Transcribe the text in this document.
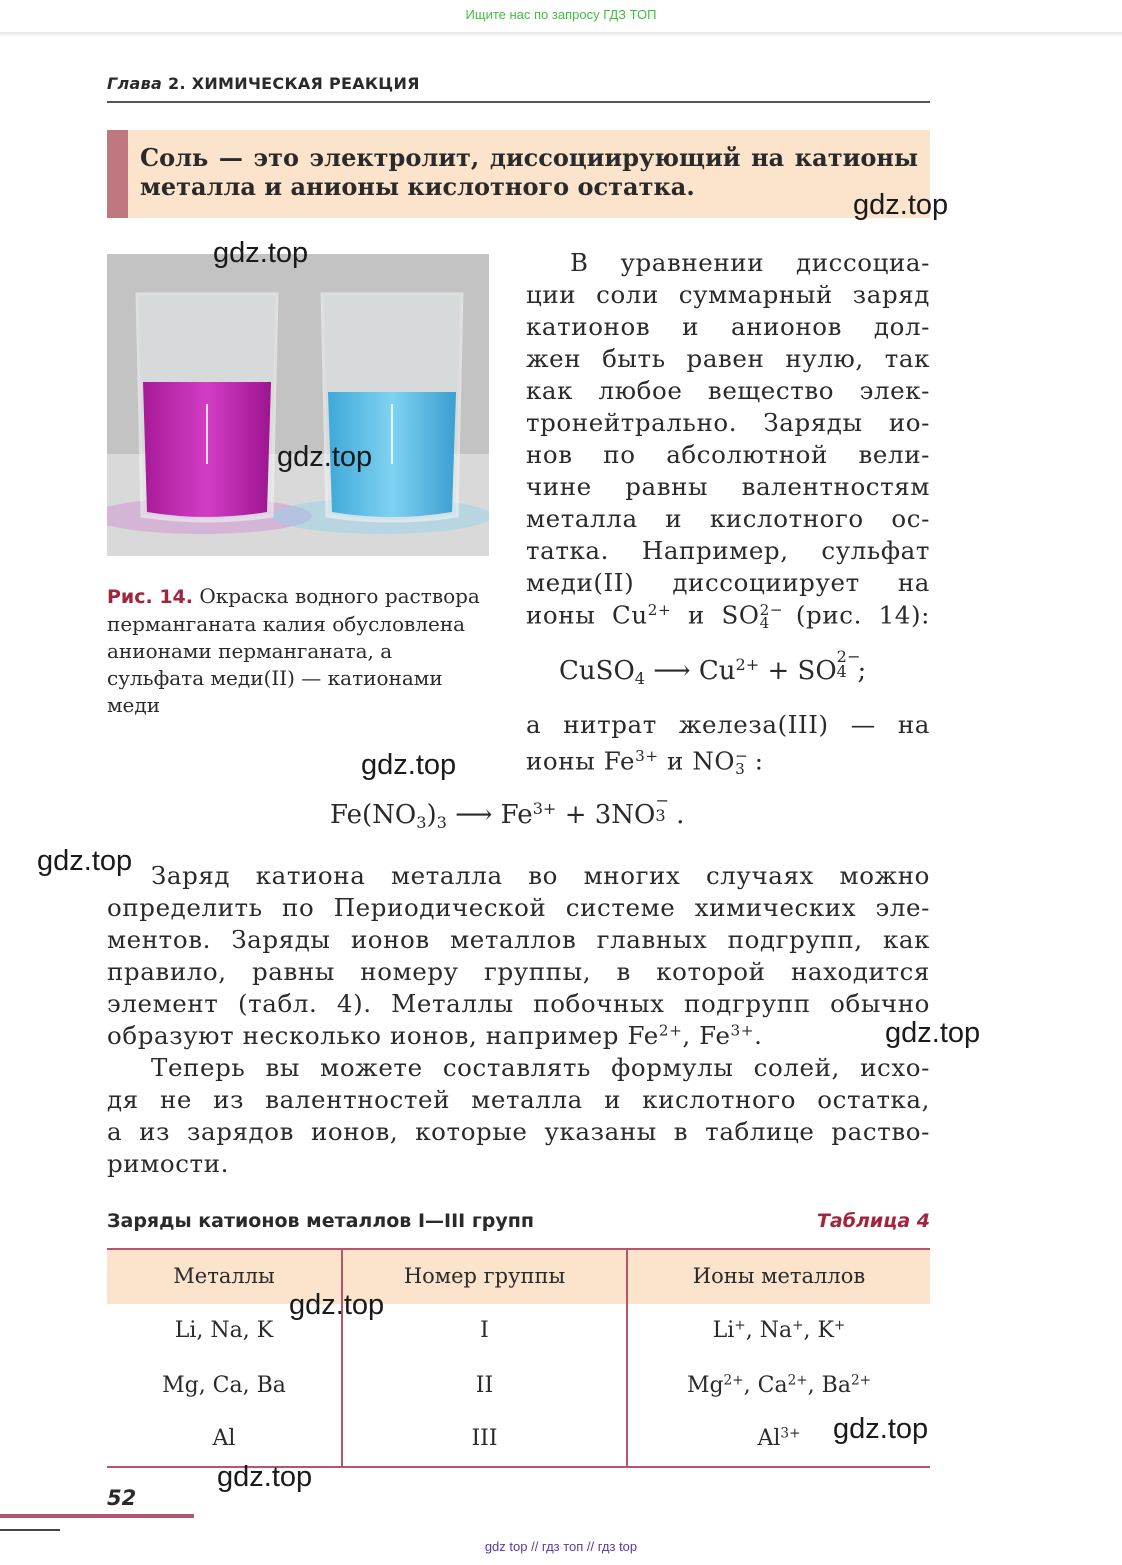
Ищите нас по запросу ГДЗ ТОП
Глава 2. ХИМИЧЕСКАЯ РЕАКЦИЯ
Соль — это электролит, диссоциирующий на катионы металла и анионы кислотного остатка.
Рис. 14. Окраска водного раствора перманганата калия обусловлена анионами перманганата, а сульфата меди(II) — катионами меди
В уравнении диссоциа-
ции соли суммарный заряд
катионов и анионов дол-
жен быть равен нулю, так
как любое вещество элек-
тронейтрально. Заряды ио-
нов по абсолютной вели-
чине равны валентностям
металла и кислотного ос-
татка. Например, сульфат
меди(II) диссоциирует на
ионы $Cu^{2+}$ и SO 2−
4 (рис. 14):
CuSO$_4$ ⟶ $Cu^{2+}$ + SO 2−
4 ;
а нитрат железа(III) — на
ионы $Fe^{3+}$ и NO −
3 :
$Fe(NO_3)_3$ ⟶ $Fe^{3+} + 3NO$ −
3 .
Заряд катиона металла во многих случаях можно
определить по Периодической системе химических эле-
ментов. Заряды ионов металлов главных подгрупп, как
правило, равны номеру группы, в которой находится
элемент (табл. 4). Металлы побочных подгрупп обычно
образуют несколько ионов, например $Fe^{2+}$, $Fe^{3+}$.
Теперь вы можете составлять формулы солей, исхо-
дя не из валентностей металла и кислотного остатка,
а из зарядов ионов, которые указаны в таблице раство-
римости.
Заряды катионов металлов I—III групп	Таблица 4
Металлы	Номер группы	Ионы металлов
Li, Na, K	I	Li+, Na+, K+
Mg, Ca, Ba	II	$Mg^{2+}$, $Ca^{2+}$, $Ba^{2+}$
Al	III	$Al^{3+}$
52
gdz top // гдз топ // гдз top
gdz.top
gdz.top
gdz.top
gdz.top
gdz.top
gdz.top
gdz.top
gdz.top
gdz.top
